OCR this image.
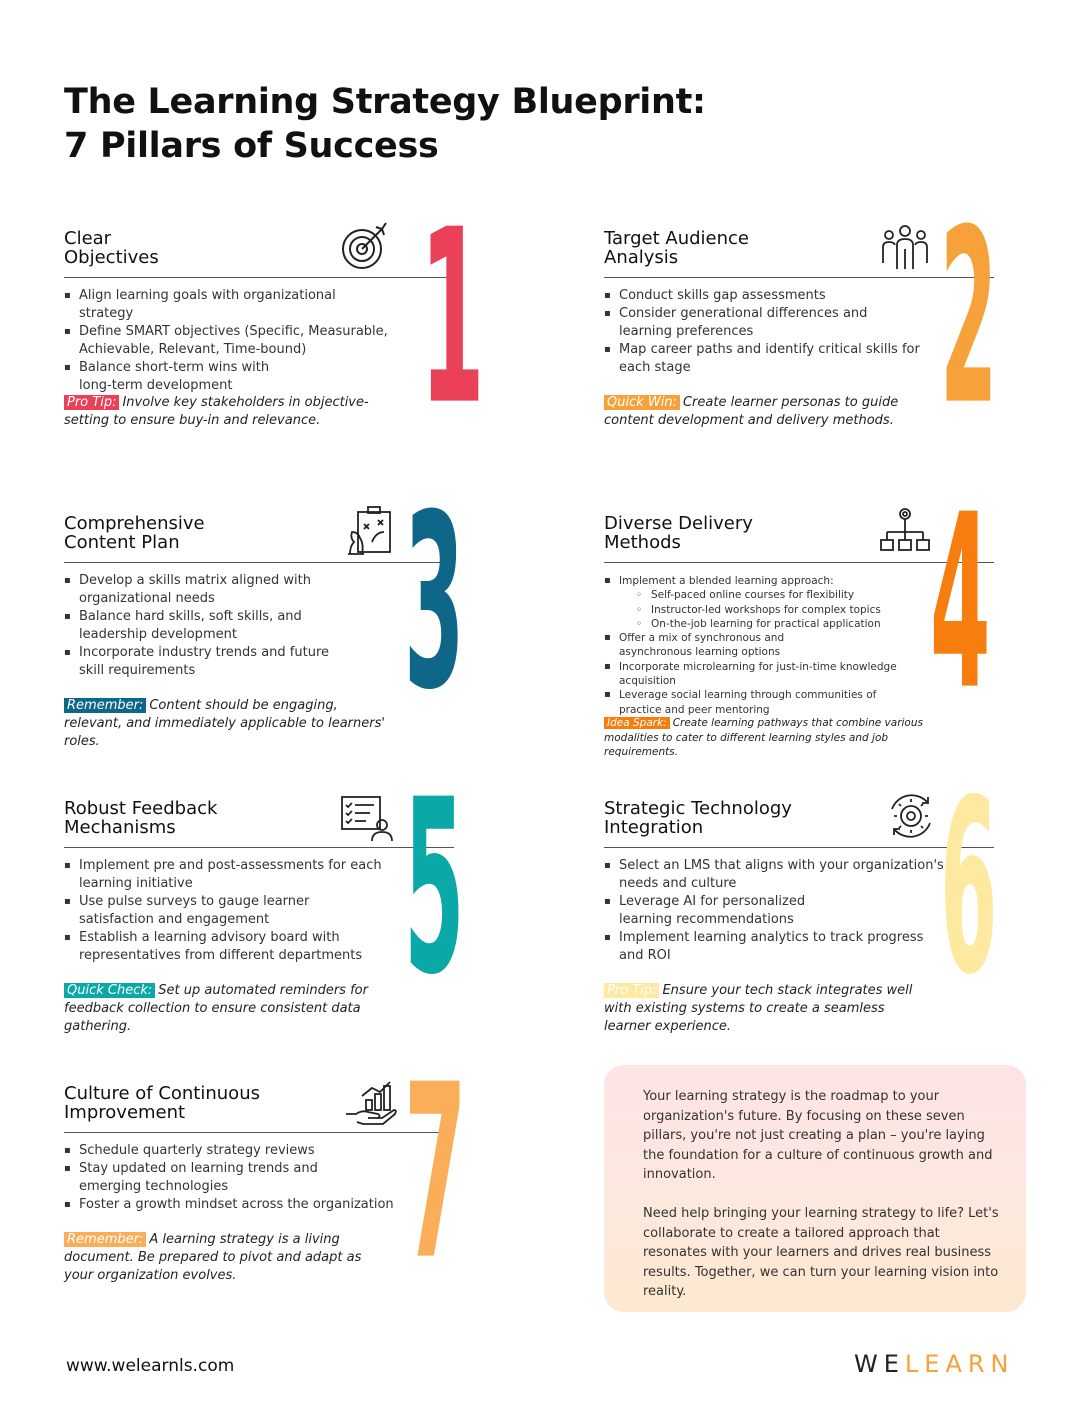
The Learning Strategy Blueprint:
7 Pillars of Success
Clear
Objectives
▪ Align learning goals with organizational strategy
▪ Define SMART objectives (Specific, Measurable, Achievable, Relevant, Time-bound)
▪ Balance short-term wins with long-term development
Pro Tip: Involve key stakeholders in objective-setting to ensure buy-in and relevance. 1	Target Audience
Analysis
▪ Conduct skills gap assessments
▪ Consider generational differences and learning preferences
▪ Map career paths and identify critical skills for each stage
Quick Win: Create learner personas to guide content development and delivery methods. 2
Comprehensive
Content Plan
▪ Develop a skills matrix aligned with organizational needs
▪ Balance hard skills, soft skills, and leadership development
▪ Incorporate industry trends and future skill requirements
Remember: Content should be engaging, relevant, and immediately applicable to learners' roles.	3	Diverse Delivery
Methods
▪ Implement a blended learning approach:
◦ Self-paced online courses for flexibility
◦ Instructor-led workshops for complex topics
◦ On-the-job learning for practical application
▪ Offer a mix of synchronous and asynchronous learning options
▪ Incorporate microlearning for just-in-time knowledge acquisition
▪ Leverage social learning through communities of practice and peer mentoring
Idea Spark: Create learning pathways that combine various modalities to cater to different learning styles and job requirements.
4
Robust Feedback
Mechanisms
▪ Implement pre and post-assessments for each learning initiative
▪ Use pulse surveys to gauge learner satisfaction and engagement
▪ Establish a learning advisory board with representatives from different departments
Quick Check: Set up automated reminders for feedback collection to ensure consistent data gathering.	5	Strategic Technology
Integration
▪ Select an LMS that aligns with your organization's needs and culture
▪ Leverage AI for personalized learning recommendations
▪ Implement learning analytics to track progress and ROI
Pro Tip: Ensure your tech stack integrates well with existing systems to create a seamless learner experience.	6
Culture of Continuous
Improvement
▪ Schedule quarterly strategy reviews
▪ Stay updated on learning trends and emerging technologies
▪ Foster a growth mindset across the organization
Remember: A learning strategy is a living document. Be prepared to pivot and adapt as your organization evolves.	7	Your learning strategy is the roadmap to your organization's future. By focusing on these seven pillars, you're not just creating a plan – you're laying the foundation for a culture of continuous growth and innovation.

Need help bringing your learning strategy to life? Let's collaborate to create a tailored approach that resonates with your learners and drives real business results. Together, we can turn your learning vision into reality.

www.welearnls.com	WELEARN
